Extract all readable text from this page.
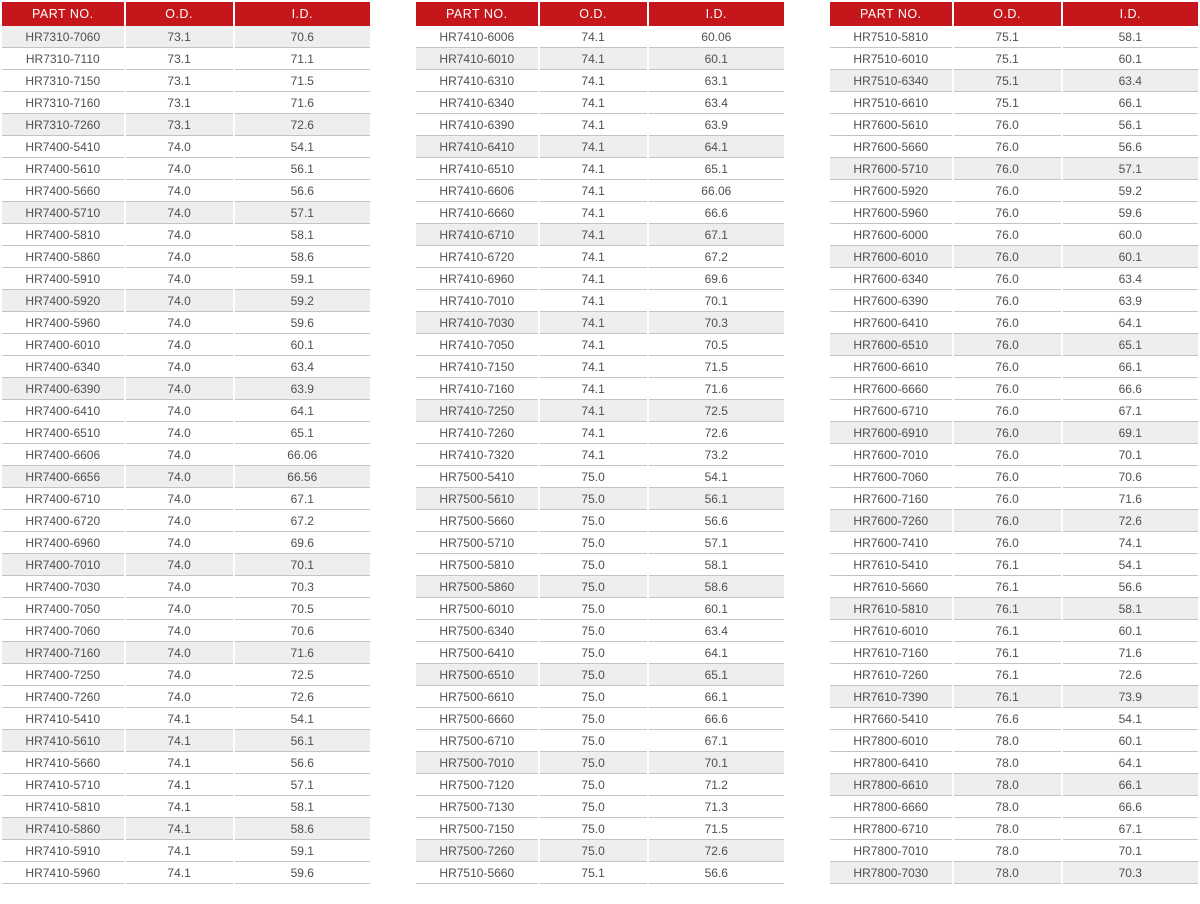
PART NO.	O.D.	I.D.
HR7310-7060	73.1	70.6
HR7310-7110	73.1	71.1
HR7310-7150	73.1	71.5
HR7310-7160	73.1	71.6
HR7310-7260	73.1	72.6
HR7400-5410	74.0	54.1
HR7400-5610	74.0	56.1
HR7400-5660	74.0	56.6
HR7400-5710	74.0	57.1
HR7400-5810	74.0	58.1
HR7400-5860	74.0	58.6
HR7400-5910	74.0	59.1
HR7400-5920	74.0	59.2
HR7400-5960	74.0	59.6
HR7400-6010	74.0	60.1
HR7400-6340	74.0	63.4
HR7400-6390	74.0	63.9
HR7400-6410	74.0	64.1
HR7400-6510	74.0	65.1
HR7400-6606	74.0	66.06
HR7400-6656	74.0	66.56
HR7400-6710	74.0	67.1
HR7400-6720	74.0	67.2
HR7400-6960	74.0	69.6
HR7400-7010	74.0	70.1
HR7400-7030	74.0	70.3
HR7400-7050	74.0	70.5
HR7400-7060	74.0	70.6
HR7400-7160	74.0	71.6
HR7400-7250	74.0	72.5
HR7400-7260	74.0	72.6
HR7410-5410	74.1	54.1
HR7410-5610	74.1	56.1
HR7410-5660	74.1	56.6
HR7410-5710	74.1	57.1
HR7410-5810	74.1	58.1
HR7410-5860	74.1	58.6
HR7410-5910	74.1	59.1
HR7410-5960	74.1	59.6
PART NO.	O.D.	I.D.
HR7410-6006	74.1	60.06
HR7410-6010	74.1	60.1
HR7410-6310	74.1	63.1
HR7410-6340	74.1	63.4
HR7410-6390	74.1	63.9
HR7410-6410	74.1	64.1
HR7410-6510	74.1	65.1
HR7410-6606	74.1	66.06
HR7410-6660	74.1	66.6
HR7410-6710	74.1	67.1
HR7410-6720	74.1	67.2
HR7410-6960	74.1	69.6
HR7410-7010	74.1	70.1
HR7410-7030	74.1	70.3
HR7410-7050	74.1	70.5
HR7410-7150	74.1	71.5
HR7410-7160	74.1	71.6
HR7410-7250	74.1	72.5
HR7410-7260	74.1	72.6
HR7410-7320	74.1	73.2
HR7500-5410	75.0	54.1
HR7500-5610	75.0	56.1
HR7500-5660	75.0	56.6
HR7500-5710	75.0	57.1
HR7500-5810	75.0	58.1
HR7500-5860	75.0	58.6
HR7500-6010	75.0	60.1
HR7500-6340	75.0	63.4
HR7500-6410	75.0	64.1
HR7500-6510	75.0	65.1
HR7500-6610	75.0	66.1
HR7500-6660	75.0	66.6
HR7500-6710	75.0	67.1
HR7500-7010	75.0	70.1
HR7500-7120	75.0	71.2
HR7500-7130	75.0	71.3
HR7500-7150	75.0	71.5
HR7500-7260	75.0	72.6
HR7510-5660	75.1	56.6
PART NO.	O.D.	I.D.
HR7510-5810	75.1	58.1
HR7510-6010	75.1	60.1
HR7510-6340	75.1	63.4
HR7510-6610	75.1	66.1
HR7600-5610	76.0	56.1
HR7600-5660	76.0	56.6
HR7600-5710	76.0	57.1
HR7600-5920	76.0	59.2
HR7600-5960	76.0	59.6
HR7600-6000	76.0	60.0
HR7600-6010	76.0	60.1
HR7600-6340	76.0	63.4
HR7600-6390	76.0	63.9
HR7600-6410	76.0	64.1
HR7600-6510	76.0	65.1
HR7600-6610	76.0	66.1
HR7600-6660	76.0	66.6
HR7600-6710	76.0	67.1
HR7600-6910	76.0	69.1
HR7600-7010	76.0	70.1
HR7600-7060	76.0	70.6
HR7600-7160	76.0	71.6
HR7600-7260	76.0	72.6
HR7600-7410	76.0	74.1
HR7610-5410	76.1	54.1
HR7610-5660	76.1	56.6
HR7610-5810	76.1	58.1
HR7610-6010	76.1	60.1
HR7610-7160	76.1	71.6
HR7610-7260	76.1	72.6
HR7610-7390	76.1	73.9
HR7660-5410	76.6	54.1
HR7800-6010	78.0	60.1
HR7800-6410	78.0	64.1
HR7800-6610	78.0	66.1
HR7800-6660	78.0	66.6
HR7800-6710	78.0	67.1
HR7800-7010	78.0	70.1
HR7800-7030	78.0	70.3
